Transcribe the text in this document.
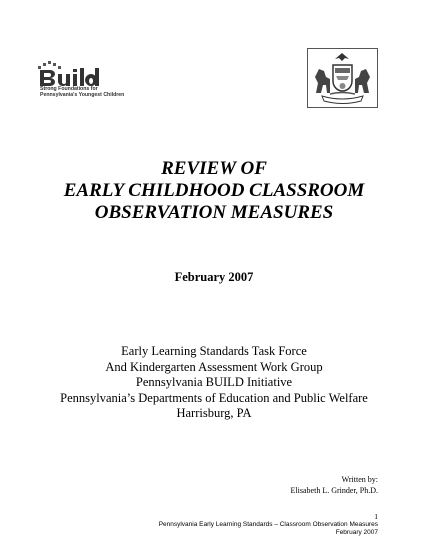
Strong Foundations for
Pennsylvania's Youngest Children
REVIEW OF
EARLY CHILDHOOD CLASSROOM
OBSERVATION MEASURES
February 2007
Early Learning Standards Task Force
And Kindergarten Assessment Work Group
Pennsylvania BUILD Initiative
Pennsylvania’s Departments of Education and Public Welfare
Harrisburg, PA
Written by:
Elisabeth L. Grinder, Ph.D.
1
Pennsylvania Early Learning Standards – Classroom Observation Measures
February 2007
